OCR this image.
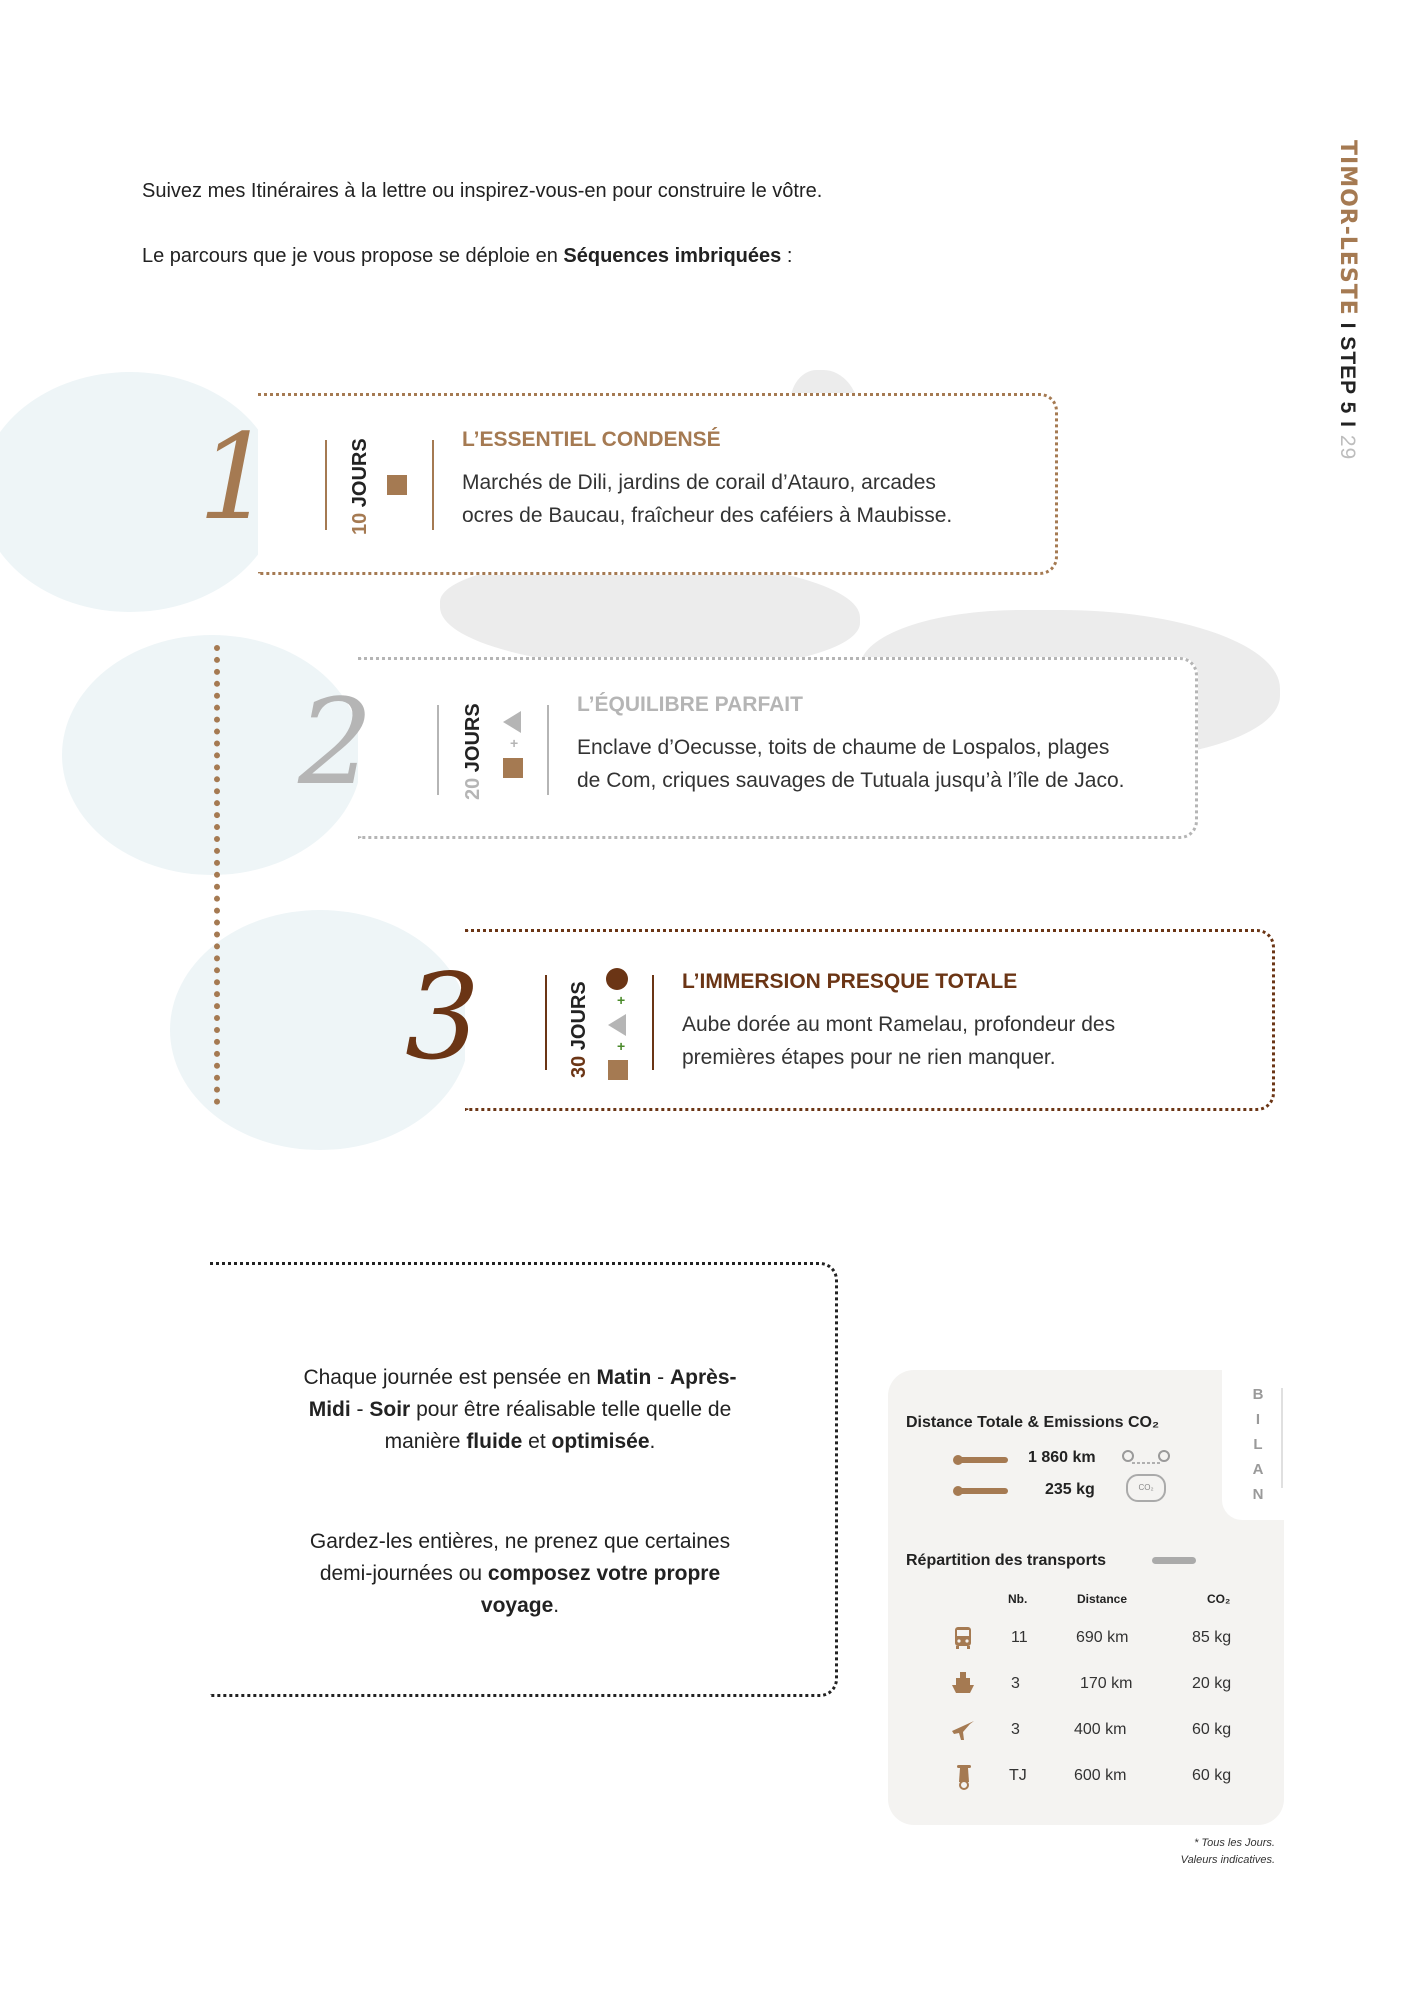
TIMOR-LESTE I STEP 5 I 29
Suivez mes Itinéraires à la lettre ou inspirez-vous-en pour construire le vôtre.
Le parcours que je vous propose se déploie en Séquences imbriquées :
1	10 JOURS	L’ESSENTIEL CONDENSÉ
Marchés de Dili, jardins de corail d’Atauro, arcades
ocres de Baucau, fraîcheur des caféiers à Maubisse.
2	20 JOURS +
L’ÉQUILIBRE PARFAIT
Enclave d’Oecusse, toits de chaume de Lospalos, plages
de Com, criques sauvages de Tutuala jusqu’à l’île de Jaco.
3	30 JOURS +
+
L’IMMERSION PRESQUE TOTALE
Aube dorée au mont Ramelau, profondeur des
premières étapes pour ne rien manquer.
Chaque journée est pensée en Matin - Après-
Midi - Soir pour être réalisable telle quelle de
manière fluide et optimisée.
Gardez-les entières, ne prenez que certaines
demi-journées ou composez votre propre
voyage.
B
I
L
A
N
Distance Totale & Emissions CO₂
1 860 km
235 kg	CO₂
Répartition des transports
Nb.	Distance	CO₂
11	690 km	85 kg
3	170 km	20 kg
3	400 km	60 kg
TJ	600 km	60 kg
* Tous les Jours.
Valeurs indicatives.
